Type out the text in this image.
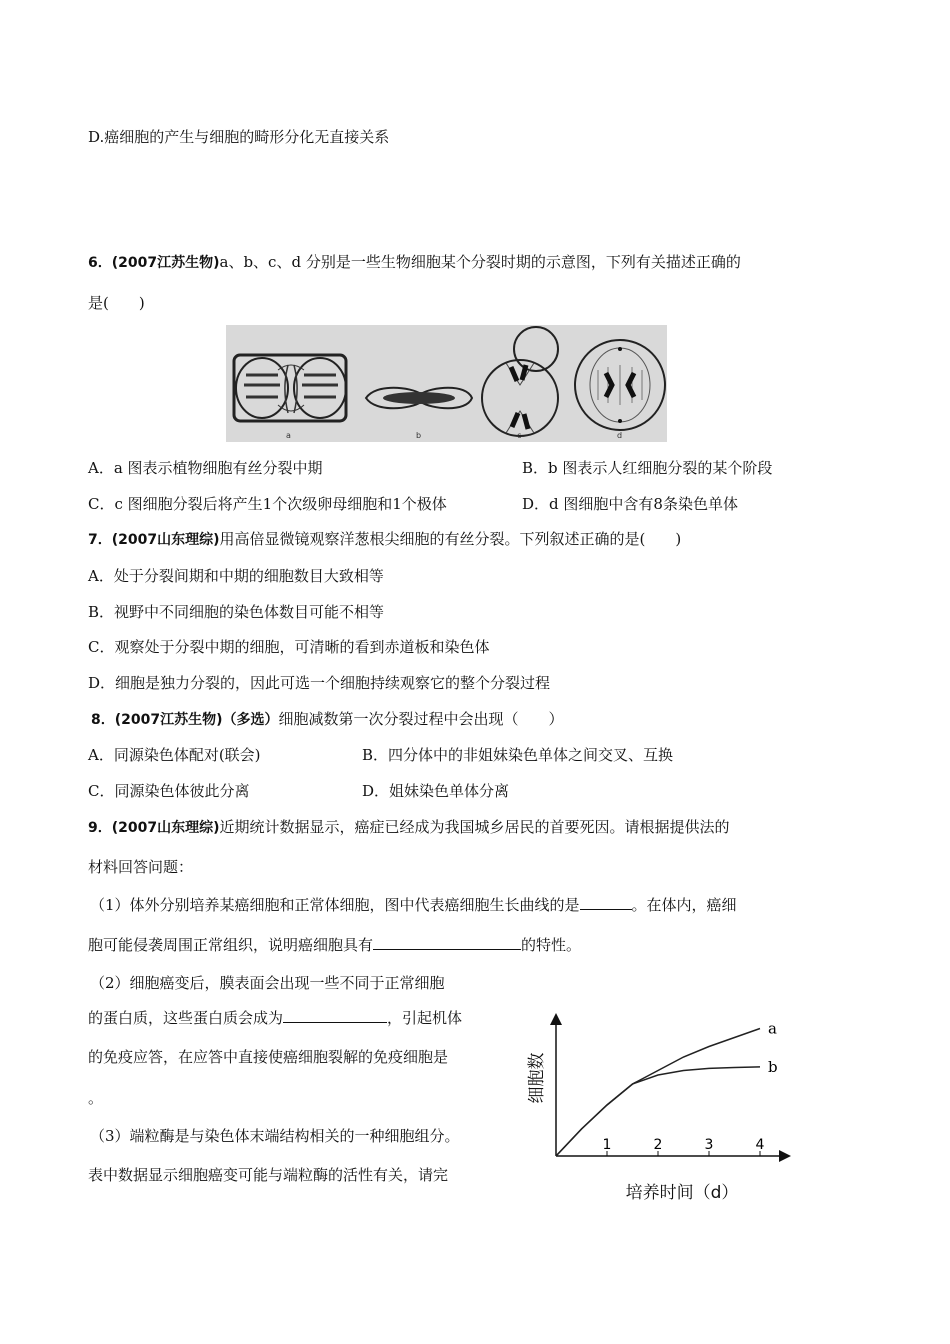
D.癌细胞的产生与细胞的畸形分化无直接关系
6．(2007江苏生物)a、b、c、d 分别是一些生物细胞某个分裂时期的示意图，下列有关描述正确的
是(　　)
a	b	c	d
A．a 图表示植物细胞有丝分裂中期	B．b 图表示人红细胞分裂的某个阶段
C．c 图细胞分裂后将产生1个次级卵母细胞和1个极体	D．d 图细胞中含有8条染色单体
7．(2007山东理综)用高倍显微镜观察洋葱根尖细胞的有丝分裂。下列叙述正确的是(　　)
A．处于分裂间期和中期的细胞数目大致相等
B．视野中不同细胞的染色体数目可能不相等
C．观察处于分裂中期的细胞，可清晰的看到赤道板和染色体
D．细胞是独力分裂的，因此可选一个细胞持续观察它的整个分裂过程
8．(2007江苏生物)（多选）细胞减数第一次分裂过程中会出现（　　）
A．同源染色体配对(联会)	B．四分体中的非姐妹染色单体之间交叉、互换
C．同源染色体彼此分离	D．姐妹染色单体分离
9．(2007山东理综)近期统计数据显示，癌症已经成为我国城乡居民的首要死因。请根据提供法的
材料回答问题：
（1）体外分别培养某癌细胞和正常体细胞，图中代表癌细胞生长曲线的是	。在体内，癌细
胞可能侵袭周围正常组织，说明癌细胞具有	的特性。
（2）细胞癌变后，膜表面会出现一些不同于正常细胞
的蛋白质，这些蛋白质会成为	，引起机体
的免疫应答，在应答中直接使癌细胞裂解的免疫细胞是
。
（3）端粒酶是与染色体末端结构相关的一种细胞组分。
表中数据显示细胞癌变可能与端粒酶的活性有关，请完
细胞数
培养时间（d）
1	2	3	4
a
b
